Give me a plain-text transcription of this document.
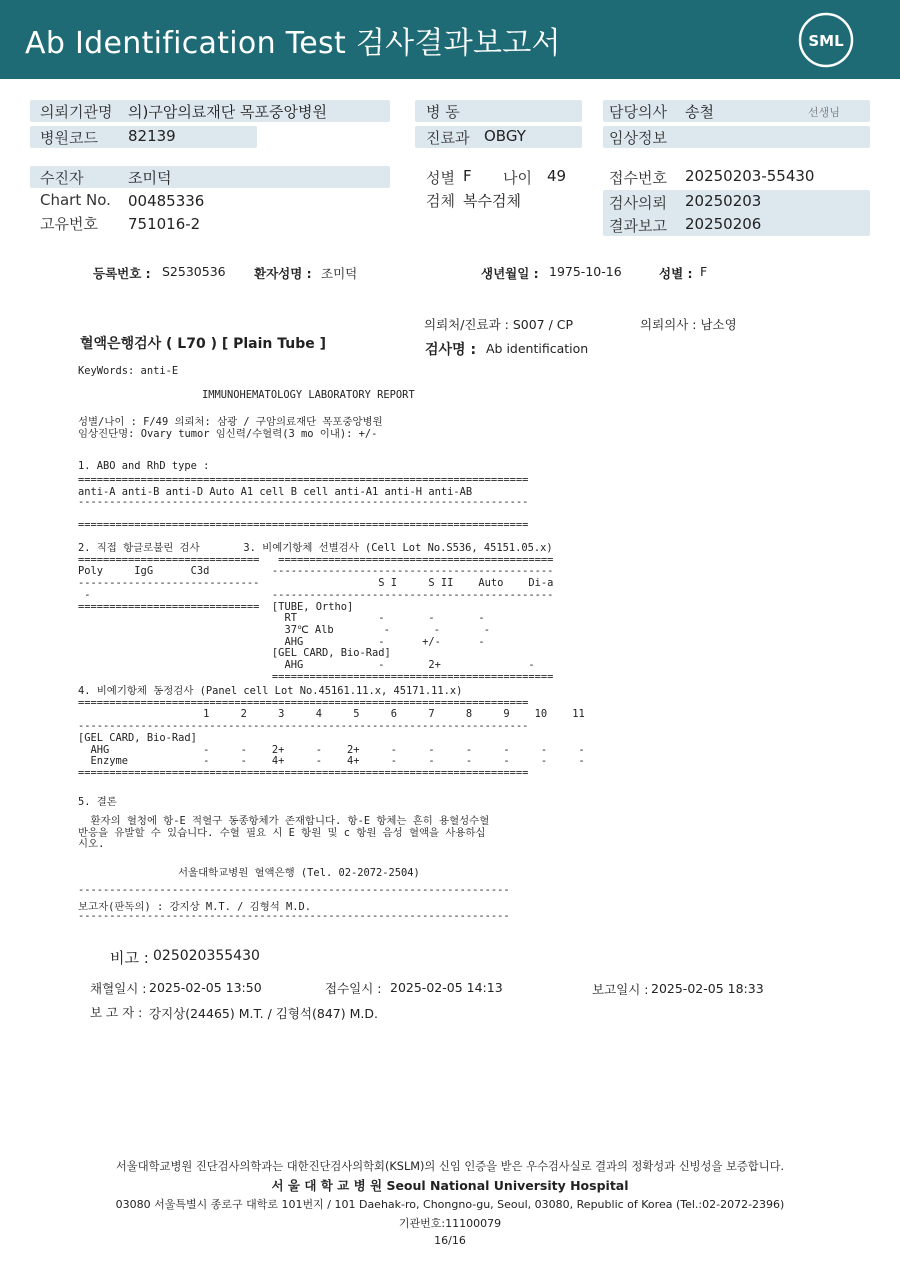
Ab Identification Test 검사결과보고서	SML
의뢰기관명 의)구암의료재단 목포중앙병원
병원코드 82139
수진자	조미덕
Chart No. 00485336
고유번호 751016-2
병 동
진료과 OBGY
성별 F 나이 49
검체 복수검체
담당의사 송철	선생님
임상정보
접수번호 20250203-55430
검사의뢰 20250203
결과보고 20250206
등록번호 : S2530536 환자성명 : 조미덕	생년월일 : 1975-10-16	성별 : F
의뢰처/진료과 : S007 / CP	의뢰의사 : 남소영
혈액은행검사 ( L70 ) [ Plain Tube ]	검사명 : Ab identification
KeyWords: anti-E
IMMUNOHEMATOLOGY LABORATORY REPORT
성별/나이 : F/49 의뢰처: 삼광 / 구암의료재단 목포중앙병원
임상진단명: Ovary tumor 임신력/수혈력(3 mo 이내): +/-
1. ABO and RhD type :
========================================================================
anti-A anti-B anti-D Auto A1 cell B cell anti-A1 anti-H anti-AB
------------------------------------------------------------------------
========================================================================
2. 직접 항글로불린 검사       3. 비예기항체 선별검사 (Cell Lot No.S536, 45151.05.x)
=============================   ============================================
Poly     IgG      C3d          ---------------------------------------------
-----------------------------                   S I     S II    Auto    Di-a
-                             ---------------------------------------------
=============================  [TUBE, Ortho]
RT             -       -       -
37℃ Alb        -       -       -
AHG            -      +/-      -
[GEL CARD, Bio-Rad]
AHG            -       2+              -
=============================================
4. 비예기항체 동정검사 (Panel cell Lot No.45161.11.x, 45171.11.x)
========================================================================
1     2     3     4     5     6     7     8     9    10    11
------------------------------------------------------------------------
[GEL CARD, Bio-Rad]
AHG               -     -    2+     -    2+     -     -     -     -     -     -
Enzyme            -     -    4+     -    4+     -     -     -     -     -     -
========================================================================
5. 결론
환자의 혈청에 항-E 적혈구 동종항체가 존재합니다. 항-E 항체는 흔히 용혈성수혈
반응을 유발할 수 있습니다. 수혈 필요 시 E 항원 및 c 항원 음성 혈액을 사용하십
시오.
서울대학교병원 혈액은행 (Tel. 02-2072-2504)
---------------------------------------------------------------------
보고자(판독의) : 강지상 M.T. / 김형석 M.D.
---------------------------------------------------------------------
비고 : 025020355430
채혈일시 : 2025-02-05 13:50	접수일시 : 2025-02-05 14:13	보고일시 : 2025-02-05 18:33
보 고 자 : 강지상(24465) M.T. / 김형석(847) M.D.
서울대학교병원 진단검사의학과는 대한진단검사의학회(KSLM)의 신임 인증을 받은 우수검사실로 결과의 정확성과 신빙성을 보증합니다.
서 울 대 학 교 병 원 Seoul National University Hospital
03080 서울특별시 종로구 대학로 101번지 / 101 Daehak-ro, Chongno-gu, Seoul, 03080, Republic of Korea (Tel.:02-2072-2396)
기관번호:11100079
16/16
